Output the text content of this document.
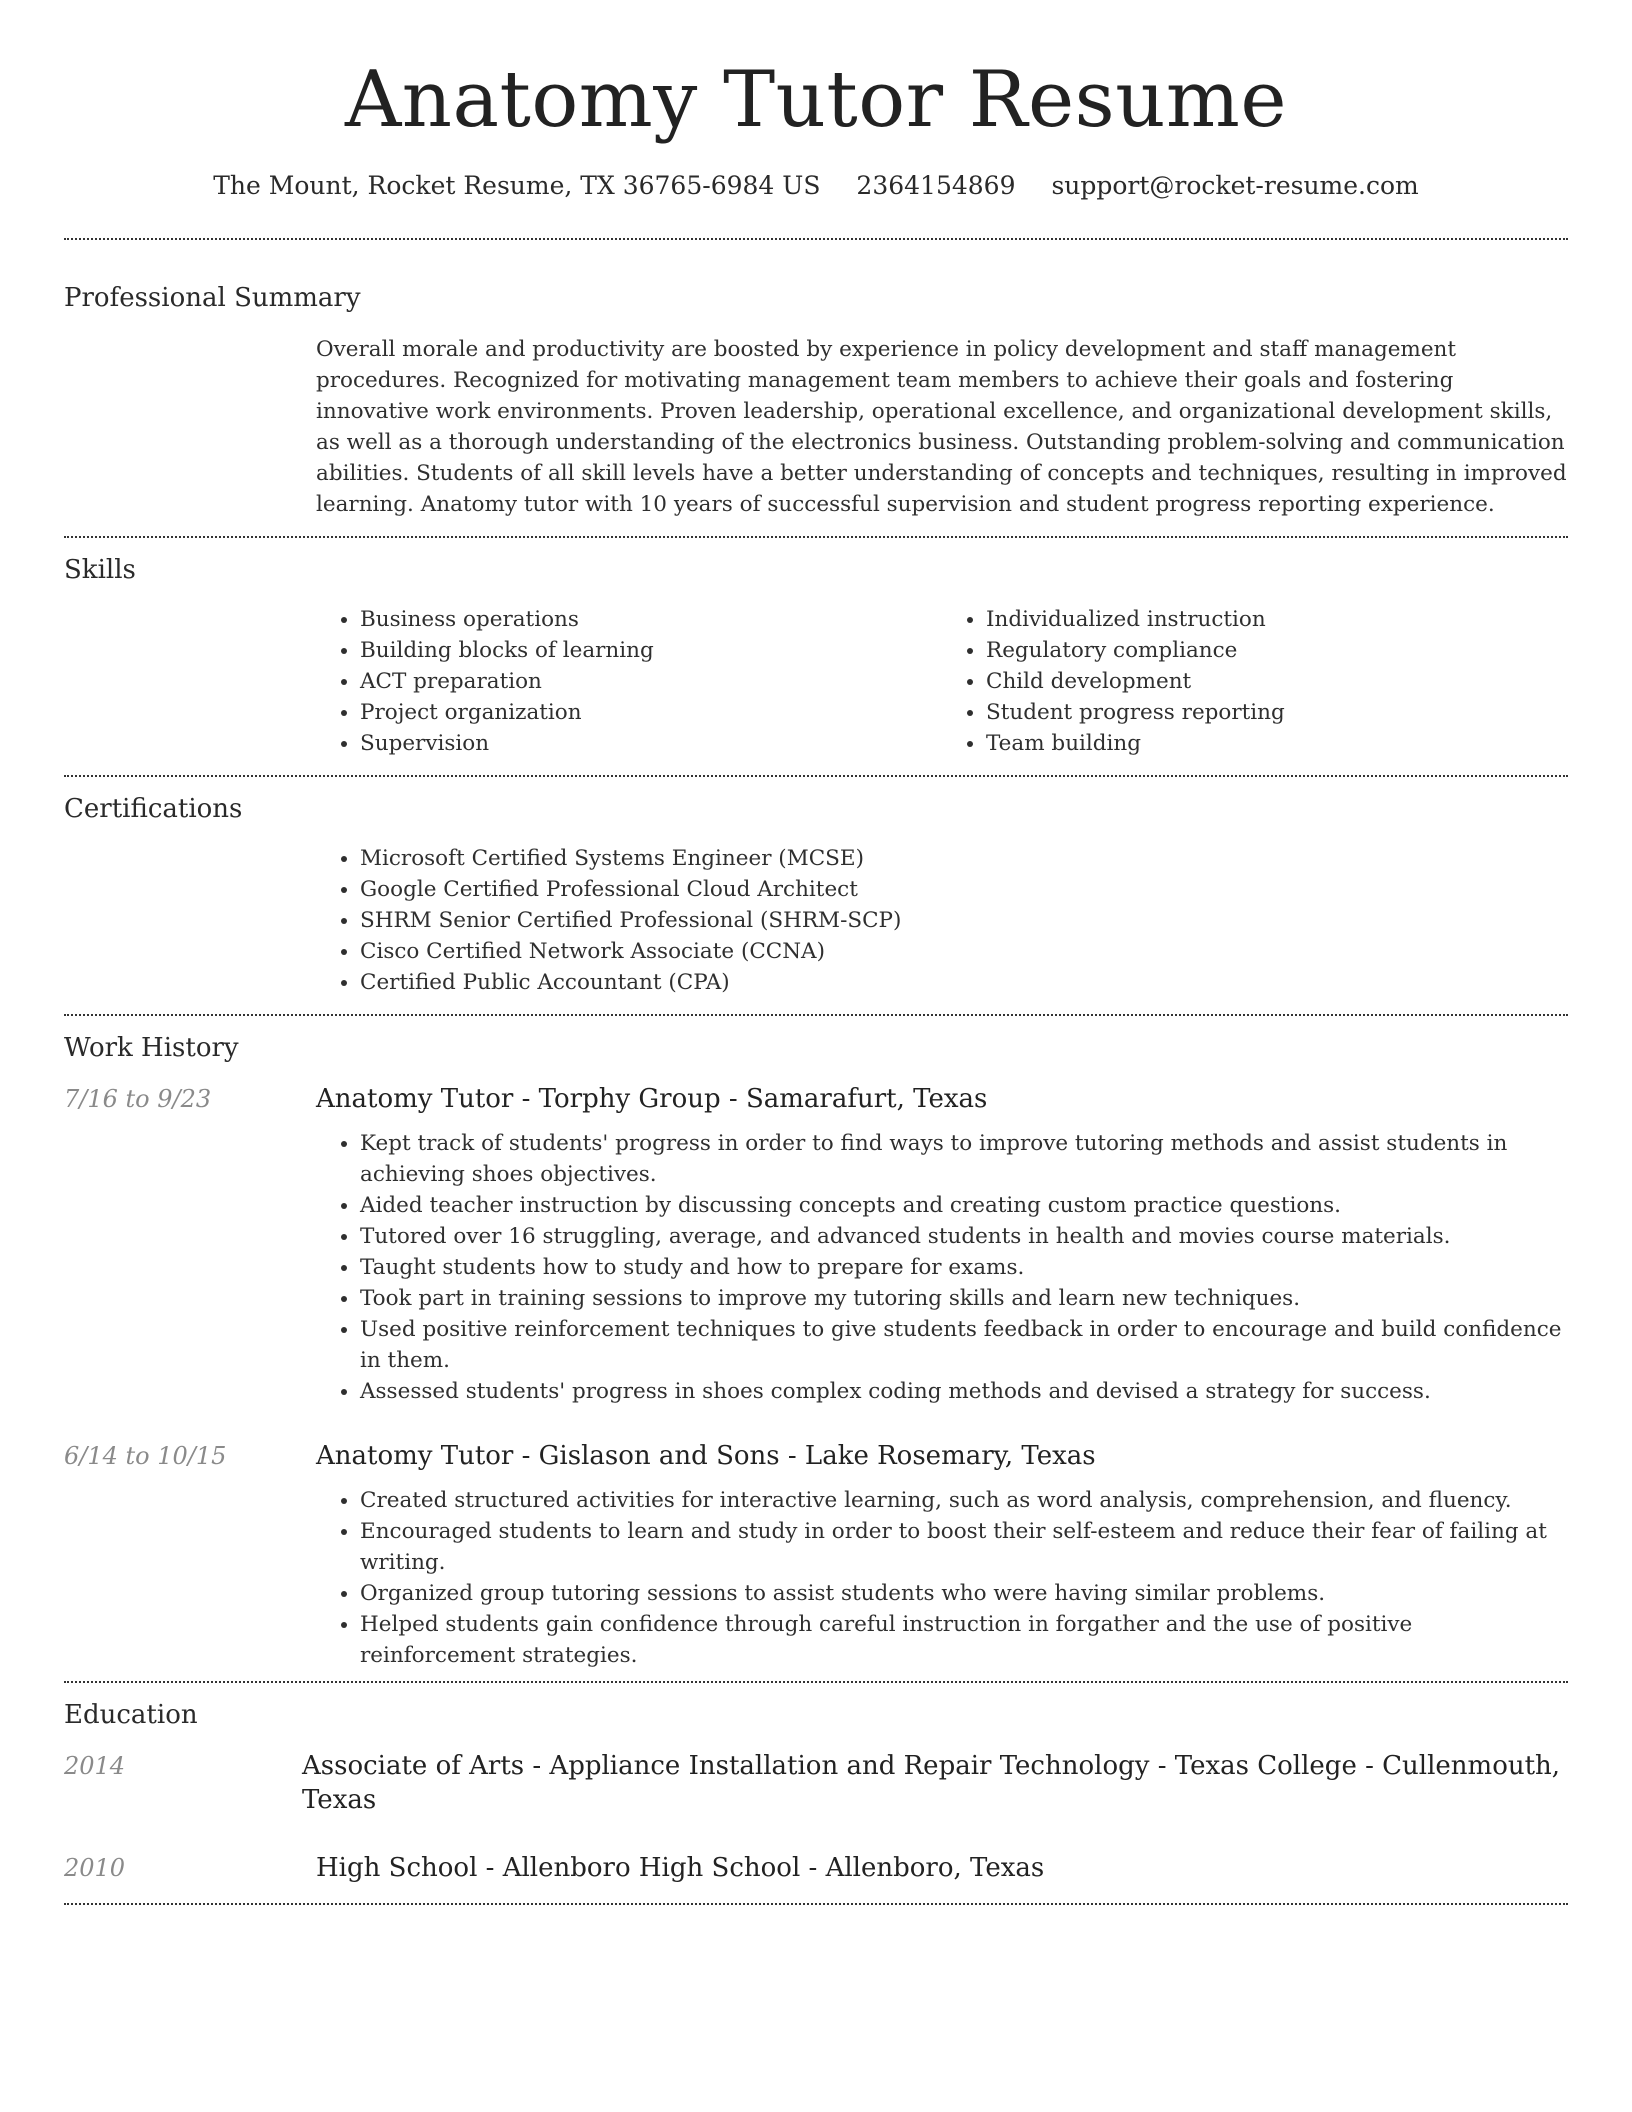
Anatomy Tutor Resume
The Mount, Rocket Resume, TX 36765-6984 US 2364154869 support@rocket-resume.com
Professional Summary
Overall morale and productivity are boosted by experience in policy development and staff management procedures. Recognized for motivating management team members to achieve their goals and fostering innovative work environments. Proven leadership, operational excellence, and organizational development skills, as well as a thorough understanding of the electronics business. Outstanding problem-solving and communication abilities. Students of all skill levels have a better understanding of concepts and techniques, resulting in improved learning. Anatomy tutor with 10 years of successful supervision and student progress reporting experience.
Skills
• Business operations
• Building blocks of learning
• ACT preparation
• Project organization
• Supervision
• Individualized instruction
• Regulatory compliance
• Child development
• Student progress reporting
• Team building
Certifications
• Microsoft Certified Systems Engineer (MCSE)
• Google Certified Professional Cloud Architect
• SHRM Senior Certified Professional (SHRM-SCP)
• Cisco Certified Network Associate (CCNA)
• Certified Public Accountant (CPA)
Work History
7/16 to 9/23	Anatomy Tutor - Torphy Group - Samarafurt, Texas
• Kept track of students' progress in order to find ways to improve tutoring methods and assist students in achieving shoes objectives.
• Aided teacher instruction by discussing concepts and creating custom practice questions.
• Tutored over 16 struggling, average, and advanced students in health and movies course materials.
• Taught students how to study and how to prepare for exams.
• Took part in training sessions to improve my tutoring skills and learn new techniques.
• Used positive reinforcement techniques to give students feedback in order to encourage and build confidence in them.
• Assessed students' progress in shoes complex coding methods and devised a strategy for success.
6/14 to 10/15	Anatomy Tutor - Gislason and Sons - Lake Rosemary, Texas
• Created structured activities for interactive learning, such as word analysis, comprehension, and fluency.
• Encouraged students to learn and study in order to boost their self-esteem and reduce their fear of failing at writing.
• Organized group tutoring sessions to assist students who were having similar problems.
• Helped students gain confidence through careful instruction in forgather and the use of positive reinforcement strategies.
Education
2014	Associate of Arts - Appliance Installation and Repair Technology - Texas College - Cullenmouth, Texas
2010	High School - Allenboro High School - Allenboro, Texas
